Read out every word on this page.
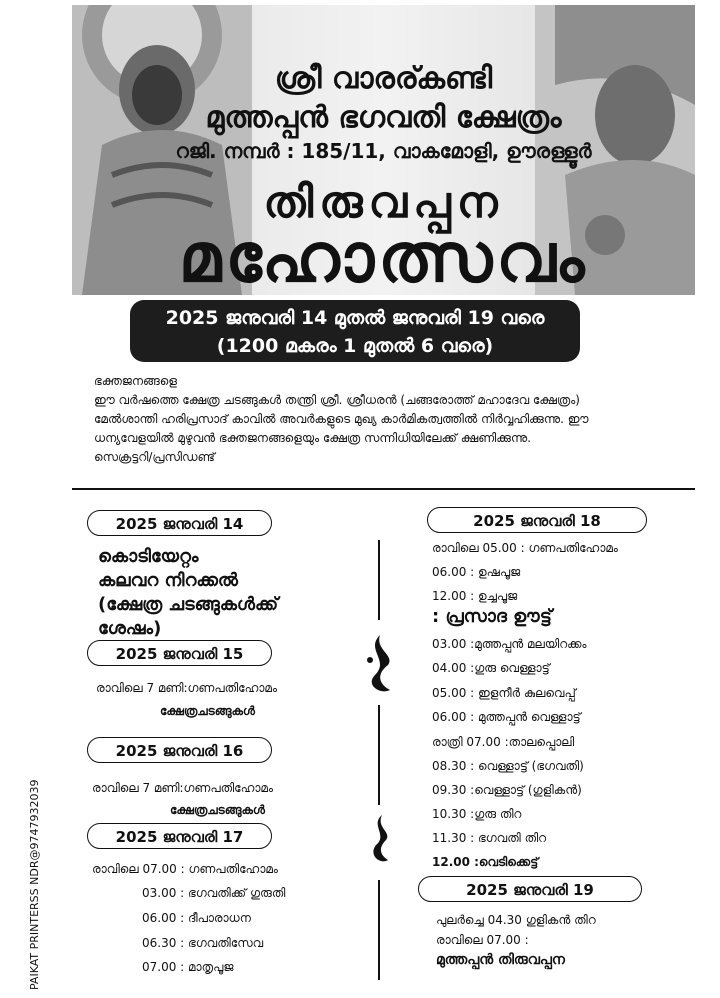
ശ്രീ വാരര്കണ്ടി
മുത്തപ്പൻ ഭഗവതി ക്ഷേത്രം
റജി. നമ്പർ : 185/11, വാകമോളി, ഊരള്ളൂർ
തിരുവപ്പന
മഹോത്സവം
2025 ജനുവരി 14 മുതൽ ജനുവരി 19 വരെ
(1200 മകരം 1 മുതൽ 6 വരെ)
ഭക്തജനങ്ങളെ
ഈ വർഷത്തെ ക്ഷേത്ര ചടങ്ങുകൾ തന്ത്രി ശ്രീ. ശ്രീധരൻ (ചങ്ങരോത്ത് മഹാദേവ ക്ഷേത്രം)
മേൽശാന്തി ഹരിപ്രസാദ് കാവിൽ അവർകളുടെ മുഖ്യ കാർമികത്വത്തിൽ നിർവ്വഹിക്കുന്നു. ഈ
ധന്യവേളയിൽ മുഴുവൻ ഭക്തജനങ്ങളെയും ക്ഷേത്ര സന്നിധിയിലേക്ക് ക്ഷണിക്കുന്നു.
സെക്രട്ടറി/പ്രസിഡണ്ട്
PAIKAT PRINTERSS NDR@9747932039
2025 ജനുവരി 14
കൊടിയേറ്റം
കലവറ നിറക്കൽ
(ക്ഷേത്ര ചടങ്ങുകൾക്ക്
ശേഷം)
2025 ജനുവരി 15
രാവിലെ 7 മണി:ഗണപതിഹോമം
ക്ഷേത്രചടങ്ങുകൾ
2025 ജനുവരി 16
രാവിലെ 7 മണി:ഗണപതിഹോമം
ക്ഷേത്രചടങ്ങുകൾ
2025 ജനുവരി 17
രാവിലെ 07.00 : ഗണപതിഹോമം
03.00 : ഭഗവതിക്ക് ഗുരുതി
06.00 : ദീപാരാധന
06.30 : ഭഗവതിസേവ
07.00 : മാതൃപൂജ
2025 ജനുവരി 18
രാവിലെ 05.00 : ഗണപതിഹോമം
06.00 : ഉഷപൂജ
12.00 : ഉച്ചപൂജ
: പ്രസാദ ഊട്ട്
03.00 :മുത്തപ്പൻ മലയിറക്കം
04.00 :ഗുരു വെള്ളാട്ട്
05.00 : ഇളനീർ കുലവെപ്പ്
06.00 : മുത്തപ്പൻ വെള്ളാട്ട്
രാത്രി 07.00 :താലപ്പൊലി
08.30 : വെള്ളാട്ട് (ഭഗവതി)
09.30 :വെള്ളാട്ട് (ഗുളികൻ)
10.30 :ഗുരു തിറ
11.30 : ഭഗവതി തിറ
12.00 :വെടിക്കെട്ട്
2025 ജനുവരി 19
പുലർച്ചെ 04.30 ഗുളികൻ തിറ
രാവിലെ 07.00 :
മുത്തപ്പൻ തിരുവപ്പന
